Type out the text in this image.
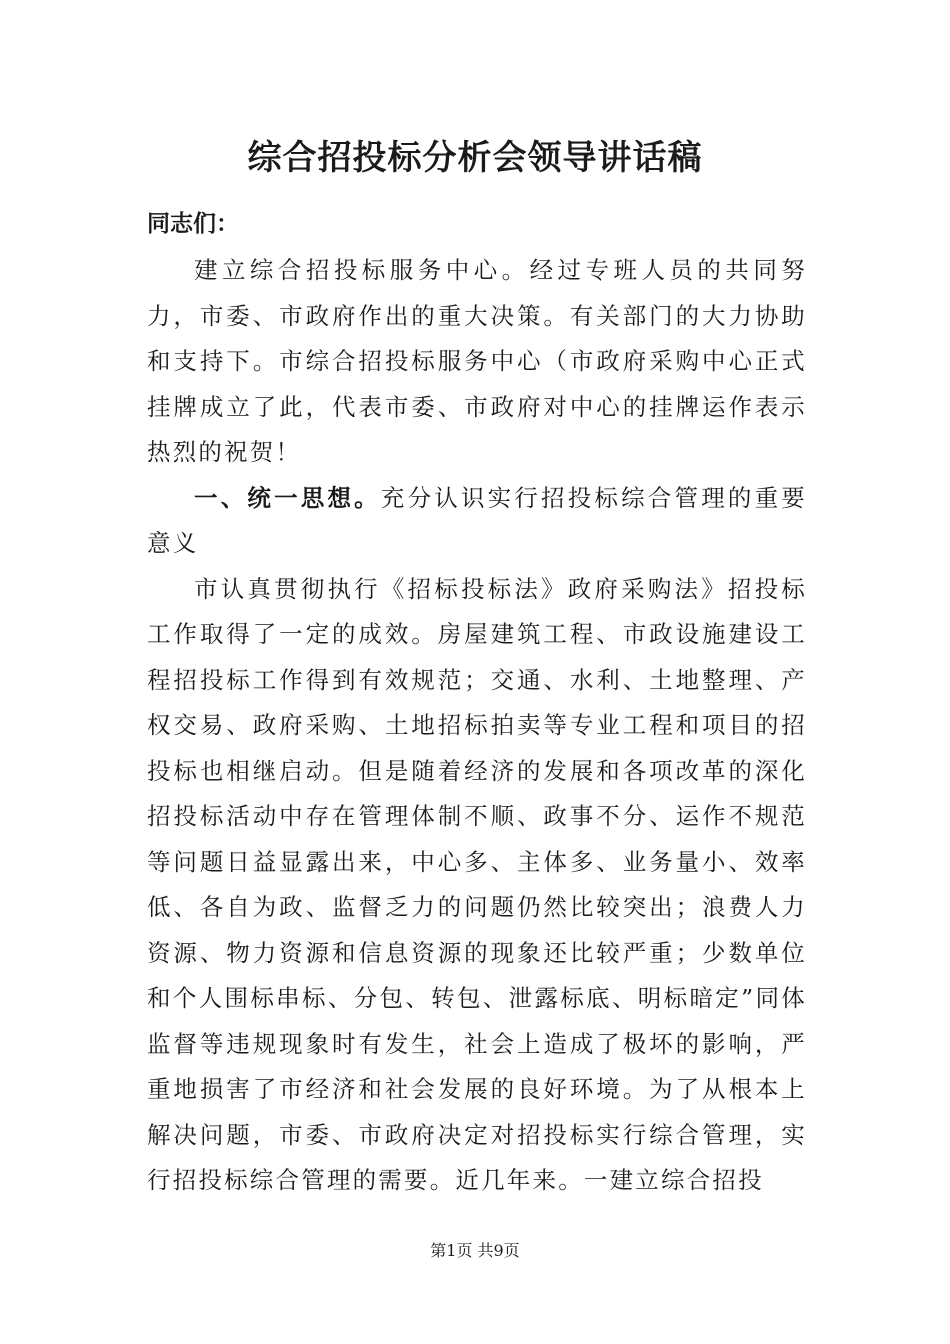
综合招投标分析会领导讲话稿
同志们：

建立综合招投标服务中心。经过专班人员的共同努力，市委、市政府作出的重大决策。有关部门的大力协助和支持下。市综合招投标服务中心（市政府采购中心正式挂牌成立了此，代表市委、市政府对中心的挂牌运作表示热烈的祝贺！

一、统一思想。充分认识实行招投标综合管理的重要意义

市认真贯彻执行《招标投标法》政府采购法》招投标工作取得了一定的成效。房屋建筑工程、市政设施建设工程招投标工作得到有效规范；交通、水利、土地整理、产权交易、政府采购、土地招标拍卖等专业工程和项目的招投标也相继启动。但是随着经济的发展和各项改革的深化招投标活动中存在管理体制不顺、政事不分、运作不规范等问题日益显露出来，中心多、主体多、业务量小、效率低、各自为政、监督乏力的问题仍然比较突出；浪费人力资源、物力资源和信息资源的现象还比较严重；少数单位和个人围标串标、分包、转包、泄露标底、明标暗定”同体监督等违规现象时有发生，社会上造成了极坏的影响，严重地损害了市经济和社会发展的良好环境。为了从根本上解决问题，市委、市政府决定对招投标实行综合管理，实行招投标综合管理的需要。近几年来。一建立综合招投

第1页 共9页
